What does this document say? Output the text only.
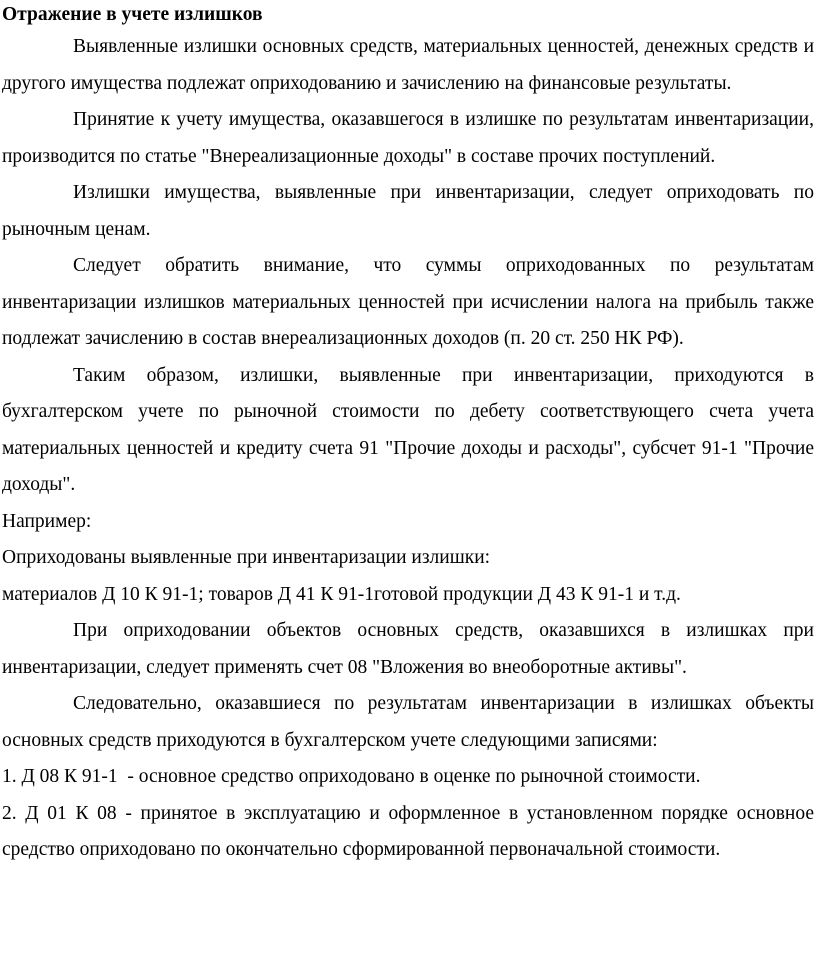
Отражение в учете излишков

Выявленные излишки основных средств, материальных ценностей, денежных средств и другого имущества подлежат оприходованию и зачислению на финансовые результаты.

Принятие к учету имущества, оказавшегося в излишке по результатам инвентаризации, производится по статье "Внереализационные доходы" в составе прочих поступлений.

Излишки имущества, выявленные при инвентаризации, следует оприходовать по рыночным ценам.

Следует обратить внимание, что суммы оприходованных по результатам инвентаризации излишков материальных ценностей при исчислении налога на прибыль также подлежат зачислению в состав внереализационных доходов (п. 20 ст. 250 НК РФ).

Таким образом, излишки, выявленные при инвентаризации, приходуются в бухгалтерском учете по рыночной стоимости по дебету соответствующего счета учета материальных ценностей и кредиту счета 91 "Прочие доходы и расходы", субсчет 91-1 "Прочие доходы".

Например:

Оприходованы выявленные при инвентаризации излишки:

материалов Д 10 К 91-1; товаров Д 41 К 91-1готовой продукции Д 43 К 91-1 и т.д.

При оприходовании объектов основных средств, оказавшихся в излишках при инвентаризации, следует применять счет 08 "Вложения во внеоборотные активы".

Следовательно, оказавшиеся по результатам инвентаризации в излишках объекты основных средств приходуются в бухгалтерском учете следующими записями:
1. Д 08 К 91-1  - основное средство оприходовано в оценке по рыночной стоимости.
2. Д 01 К 08 - принятое в эксплуатацию и оформленное в установленном порядке основное средство оприходовано по окончательно сформированной первоначальной стоимости.
